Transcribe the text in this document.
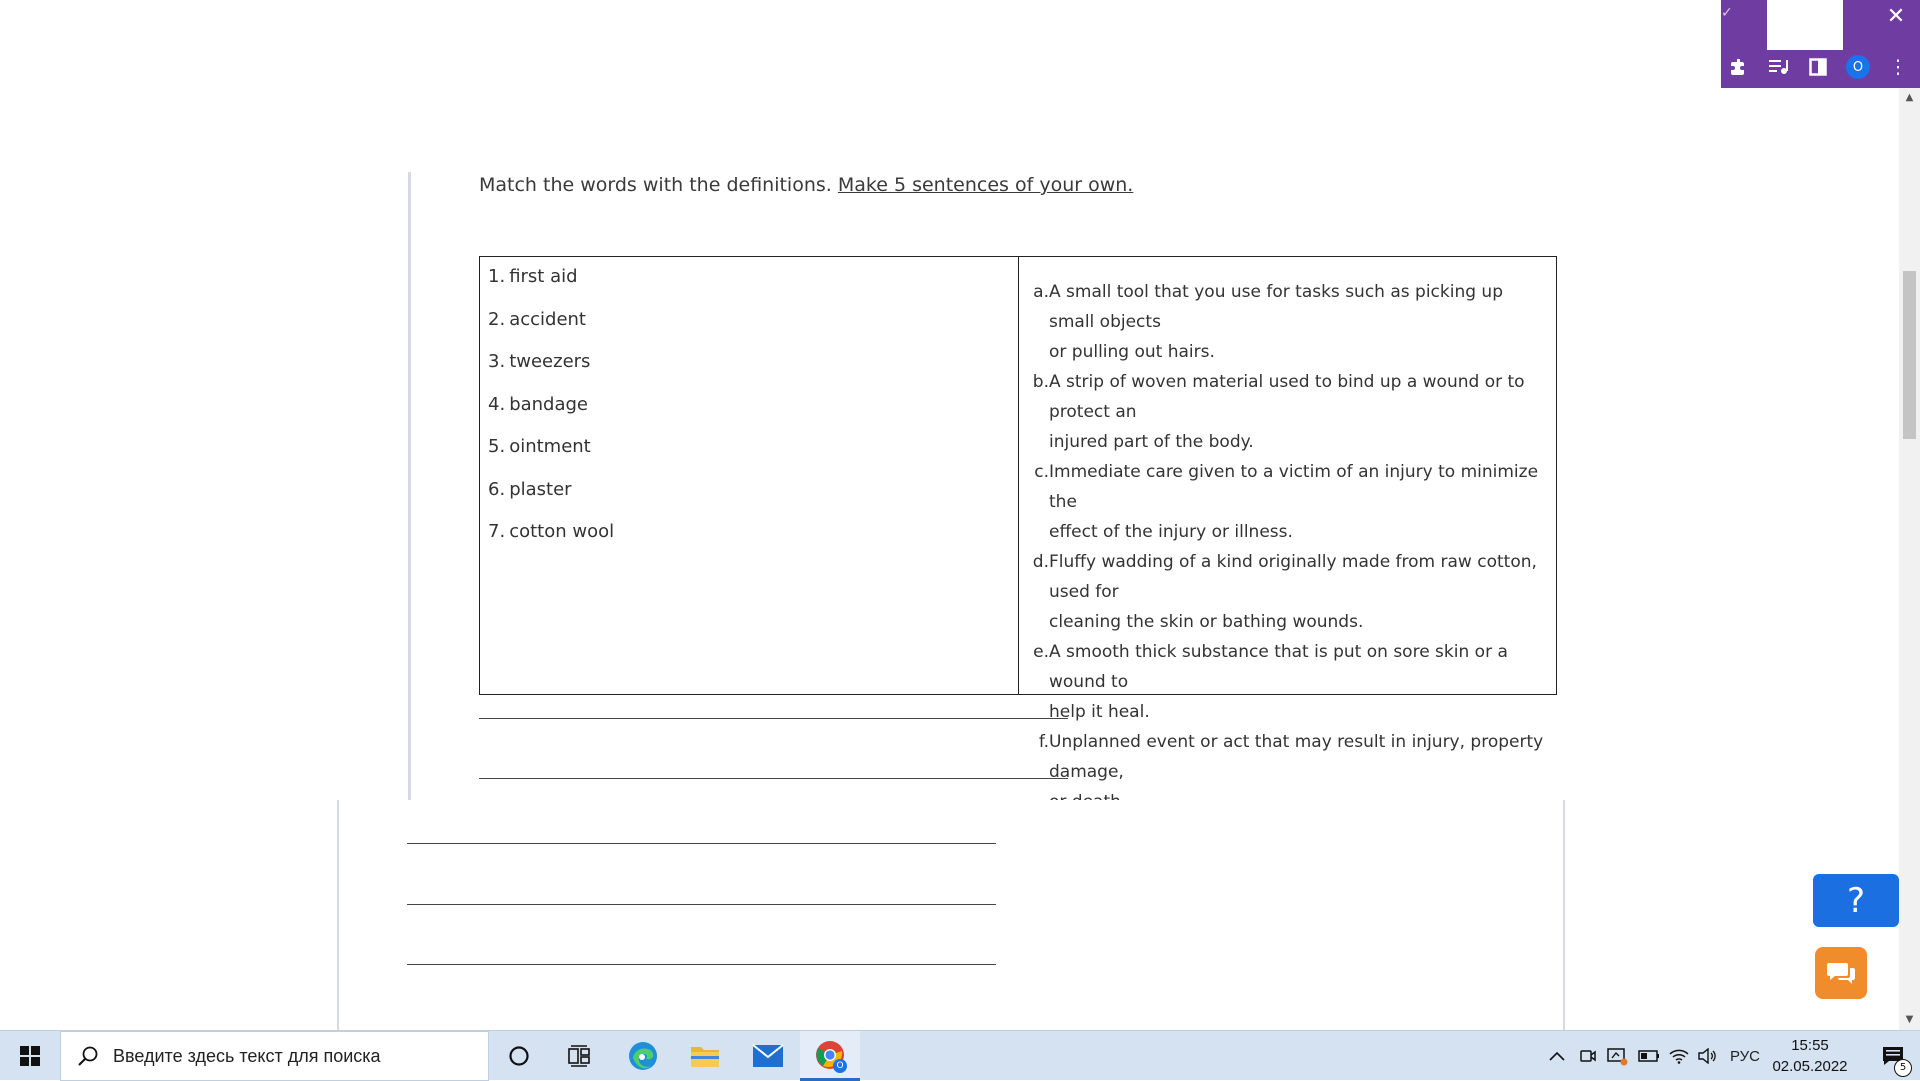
Match the words with the definitions. Make 5 sentences of your own.
1. first aid
2. accident
3. tweezers
4. bandage
5. ointment
6. plaster
7. cotton wool
a. A small tool that you use for tasks such as picking up small objects
or pulling out hairs.
b. A strip of woven material used to bind up a wound or to protect an
injured part of the body.
c. Immediate care given to a victim of an injury to minimize the
effect of the injury or illness.
d. Fluffy wadding of a kind originally made from raw cotton, used for
cleaning the skin or bathing wounds.
e. A smooth thick substance that is put on sore skin or a wound to
help it heal.
f. Unplanned event or act that may result in injury, property damage,

✓	✕
O	⋮
▲
▼
?
Введите здесь текст для поиска
O
РУС
15:55
02.05.2022	5
